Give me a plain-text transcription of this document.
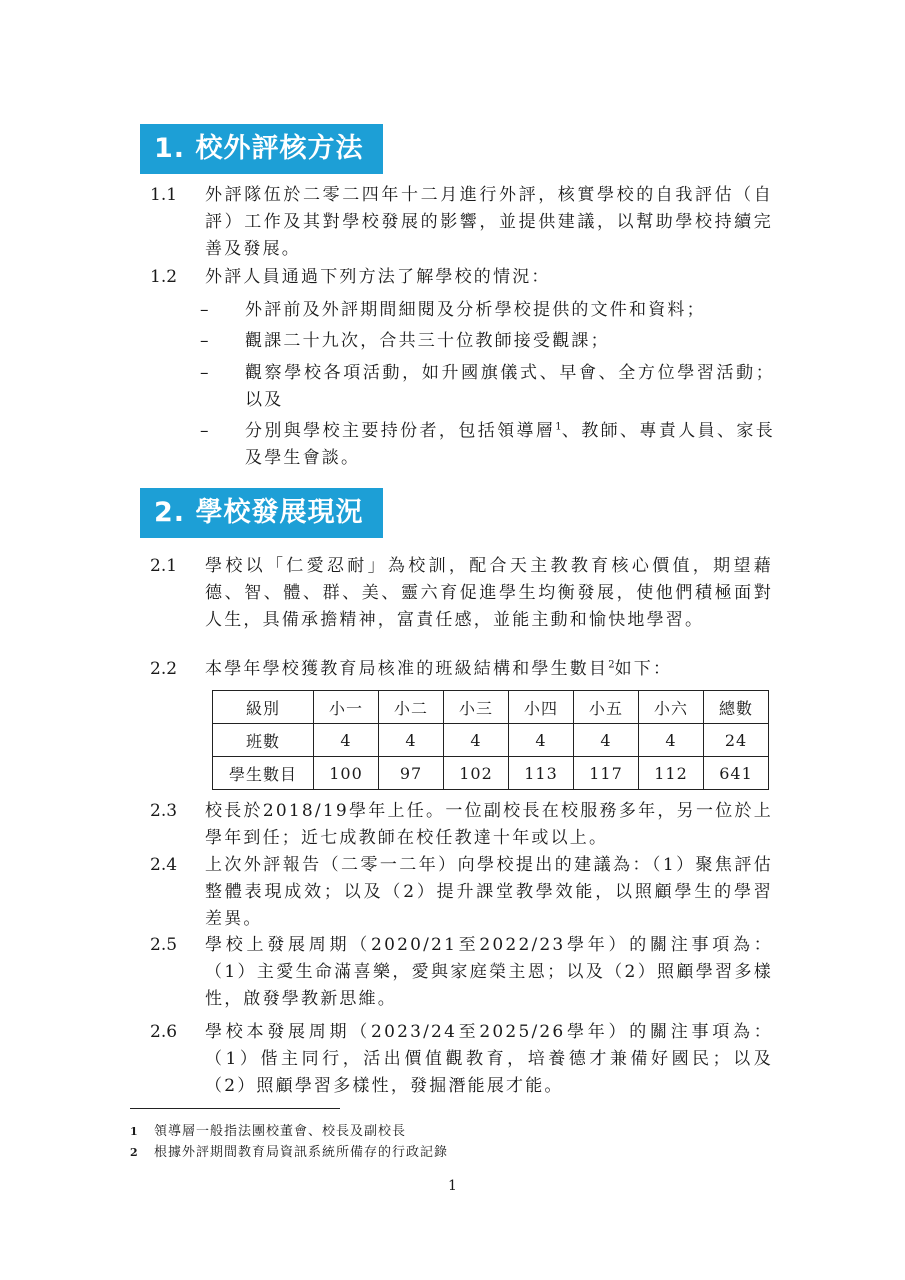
1. 校外評核方法
1.1	外評隊伍於二零二四年十二月進行外評，核實學校的自我評估（自評）工作及其對學校發展的影響，並提供建議，以幫助學校持續完善及發展。
1.2	外評人員通過下列方法了解學校的情況：
– 外評前及外評期間細閱及分析學校提供的文件和資料；
– 觀課二十九次，合共三十位教師接受觀課；
– 觀察學校各項活動，如升國旗儀式、早會、全方位學習活動；以及
– 分別與學校主要持份者，包括領導層$^1$、教師、專責人員、家長及學生會談。
2. 學校發展現況
2.1	學校以「仁愛忍耐」為校訓，配合天主教教育核心價值，期望藉德、智、體、群、美、靈六育促進學生均衡發展，使他們積極面對人生，具備承擔精神，富責任感，並能主動和愉快地學習。
2.2	本學年學校獲教育局核准的班級結構和學生數目$^2$如下：
級別	小一	小二	小三	小四	小五	小六	總數
班數	4	4	4	4	4	4	24
學生數目	100	97	102	113	117	112	641
2.3	校長於2018/19學年上任。一位副校長在校服務多年，另一位於上學年到任；近七成教師在校任教達十年或以上。
2.4	上次外評報告（二零一二年）向學校提出的建議為：（1）聚焦評估整體表現成效；以及（2）提升課堂教學效能，以照顧學生的學習差異。
2.5	學校上發展周期（2020/21至2022/23學年）的關注事項為：（1）主愛生命滿喜樂，愛與家庭榮主恩；以及（2）照顧學習多樣性，啟發學教新思維。
2.6	學校本發展周期（2023/24至2025/26學年）的關注事項為：（1）偕主同行，活出價值觀教育，培養德才兼備好國民；以及（2）照顧學習多樣性，發掘潛能展才能。
1 領導層一般指法團校董會、校長及副校長
2 根據外評期間教育局資訊系統所備存的行政記錄
1
